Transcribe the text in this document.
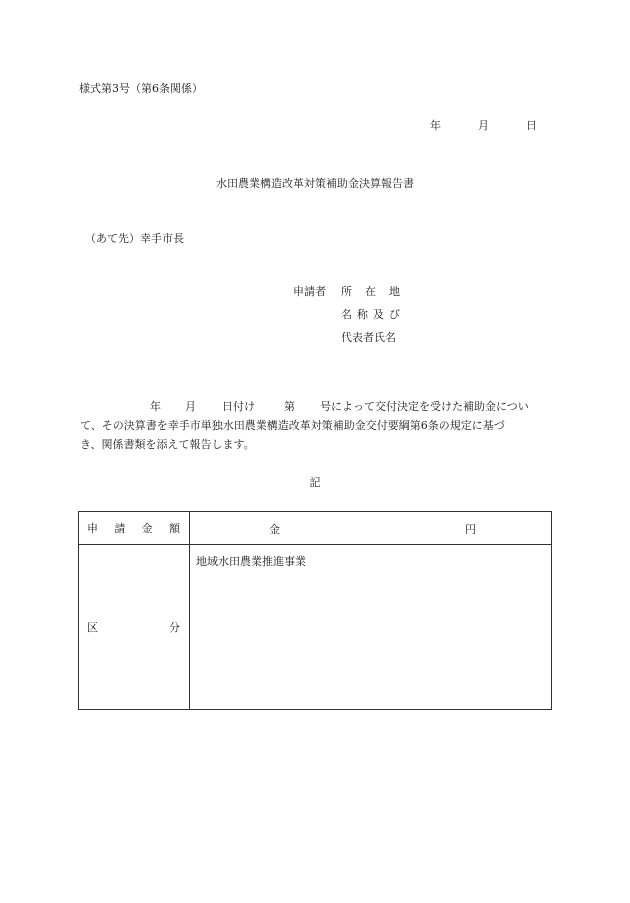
様式第3号（第6条関係）
年	月	日
水田農業構造改革対策補助金決算報告書
（あて先）幸手市長
申請者 所 在 地
名 称 及 び
代表者氏名
年 月 日付け	第 号によって交付決定を受けた補助金につい
て、その決算書を幸手市単独水田農業構造改革対策補助金交付要綱第6条の規定に基づ
き、関係書類を添えて報告します。
記
申 請 金 額	金 円

区 分	地域水田農業推進事業
